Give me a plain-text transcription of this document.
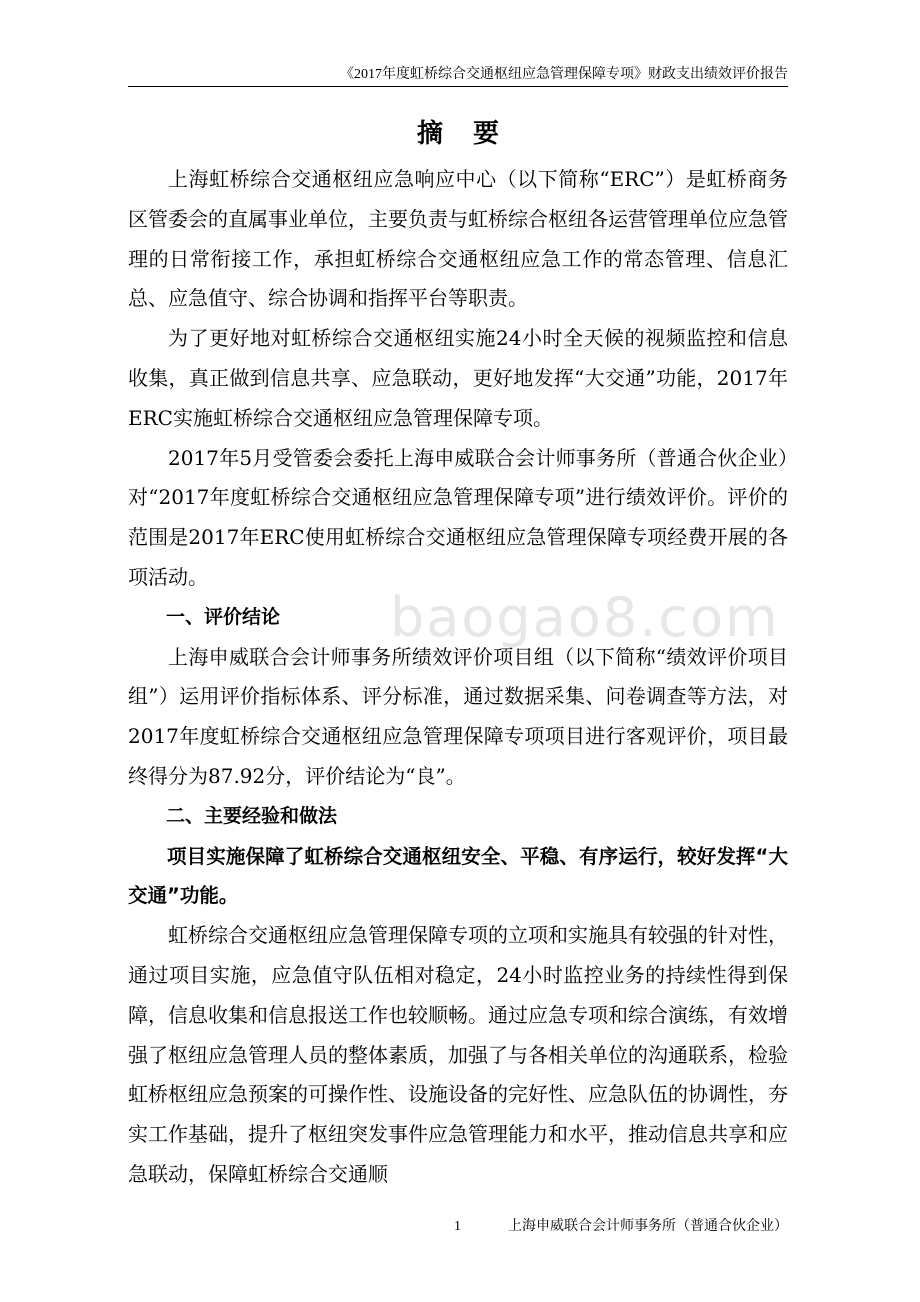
《2017年度虹桥综合交通枢纽应急管理保障专项》财政支出绩效评价报告
摘要

上海虹桥综合交通枢纽应急响应中心（以下简称“ERC”）是虹桥商务区管委会的直属事业单位，主要负责与虹桥综合枢纽各运营管理单位应急管理的日常衔接工作，承担虹桥综合交通枢纽应急工作的常态管理、信息汇总、应急值守、综合协调和指挥平台等职责。

为了更好地对虹桥综合交通枢纽实施24小时全天候的视频监控和信息收集，真正做到信息共享、应急联动，更好地发挥“大交通”功能，2017年ERC实施虹桥综合交通枢纽应急管理保障专项。

2017年5月受管委会委托上海申威联合会计师事务所（普通合伙企业）对“2017年度虹桥综合交通枢纽应急管理保障专项”进行绩效评价。评价的范围是2017年ERC使用虹桥综合交通枢纽应急管理保障专项经费开展的各项活动。

一、评价结论

上海申威联合会计师事务所绩效评价项目组（以下简称“绩效评价项目组”）运用评价指标体系、评分标准，通过数据采集、问卷调查等方法，对2017年度虹桥综合交通枢纽应急管理保障专项项目进行客观评价，项目最终得分为87.92分，评价结论为“良”。

二、主要经验和做法

项目实施保障了虹桥综合交通枢纽安全、平稳、有序运行，较好发挥“大交通”功能。

虹桥综合交通枢纽应急管理保障专项的立项和实施具有较强的针对性，通过项目实施，应急值守队伍相对稳定，24小时监控业务的持续性得到保障，信息收集和信息报送工作也较顺畅。通过应急专项和综合演练，有效增强了枢纽应急管理人员的整体素质，加强了与各相关单位的沟通联系，检验虹桥枢纽应急预案的可操作性、设施设备的完好性、应急队伍的协调性，夯实工作基础，提升了枢纽突发事件应急管理能力和水平，推动信息共享和应急联动，保障虹桥综合交通顺

baogao8.com
1	上海申威联合会计师事务所（普通合伙企业）
